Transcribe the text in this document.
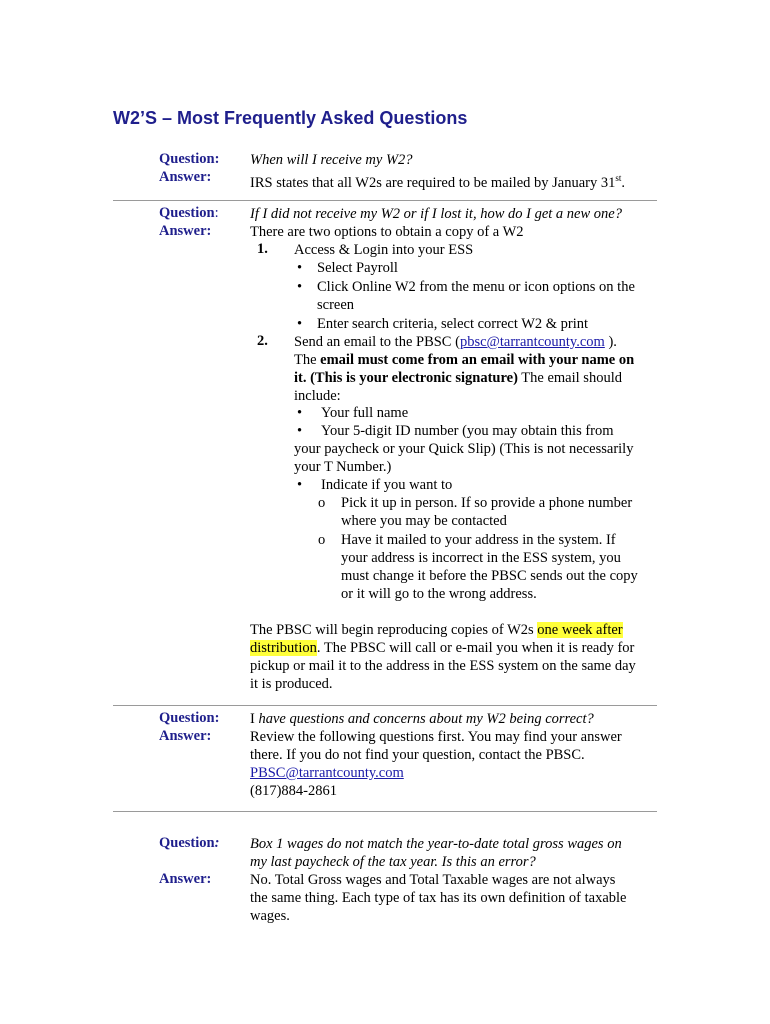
W2’S – Most Frequently Asked Questions
Question: When will I receive my W2?
Answer:	IRS states that all W2s are required to be mailed by January 31st.
Question: If I did not receive my W2 or if I lost it, how do I get a new one?
Answer:	There are two options to obtain a copy of a W2
1. Access & Login into your ESS
• Select Payroll
• Click Online W2 from the menu or icon options on the
screen
• Enter search criteria, select correct W2 & print
2. Send an email to the PBSC (pbsc@tarrantcounty.com ).
The email must come from an email with your name on
it. (This is your electronic signature) The email should
include:
• Your full name
• Your 5-digit ID number (you may obtain this from
your paycheck or your Quick Slip) (This is not necessarily
your T Number.)
• Indicate if you want to
o Pick it up in person. If so provide a phone number
where you may be contacted
o Have it mailed to your address in the system. If
your address is incorrect in the ESS system, you
must change it before the PBSC sends out the copy
or it will go to the wrong address.
The PBSC will begin reproducing copies of W2s one week after
distribution. The PBSC will call or e-mail you when it is ready for
pickup or mail it to the address in the ESS system on the same day
it is produced.
Question: I have questions and concerns about my W2 being correct?
Answer:	Review the following questions first. You may find your answer
there. If you do not find your question, contact the PBSC.
PBSC@tarrantcounty.com
(817)884-2861
Question: Box 1 wages do not match the year-to-date total gross wages on
my last paycheck of the tax year. Is this an error?
Answer:	No. Total Gross wages and Total Taxable wages are not always
the same thing. Each type of tax has its own definition of taxable
wages.
